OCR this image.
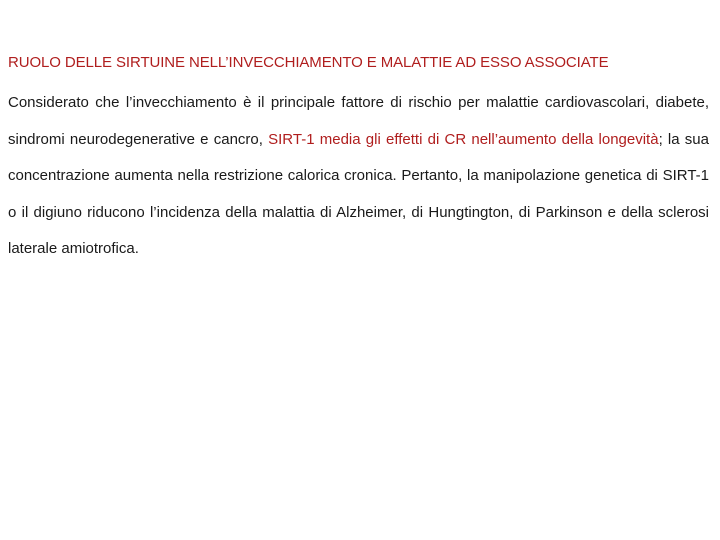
RUOLO DELLE SIRTUINE NELL’INVECCHIAMENTO E MALATTIE AD ESSO ASSOCIATE

Considerato che l’invecchiamento è il principale fattore di rischio per malattie cardiovascolari, diabete, sindromi neurodegenerative e cancro, SIRT-1 media gli effetti di CR nell’aumento della longevità; la sua concentrazione aumenta nella restrizione calorica cronica. Pertanto, la manipolazione genetica di SIRT-1 o il digiuno riducono l’incidenza della malattia di Alzheimer, di Hungtington, di Parkinson e della sclerosi laterale amiotrofica.
